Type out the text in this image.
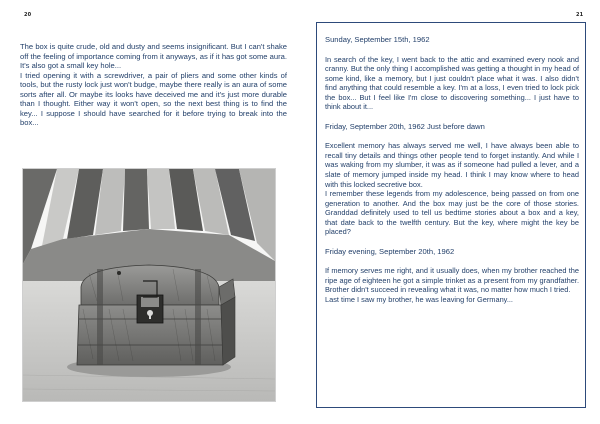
20	21

The box is quite crude, old and dusty and seems insignificant. But I can't shake off the feeling of importance coming from it anyways, as if it has got some aura. It's also got a small key hole...

I tried opening it with a screwdriver, a pair of pliers and some other kinds of tools, but the rusty lock just won't budge, maybe there really is an aura of some sorts after all. Or maybe its looks have deceived me and it's just more durable than I thought. Either way it won't open, so the next best thing is to find the key... I suppose I should have searched for it before trying to break into the box...

Sunday, September 15th, 1962

In search of the key, I went back to the attic and examined every nook and cranny. But the only thing I accomplished was getting a thought in my head of some kind, like a memory, but I just couldn't place what it was. I also didn't find anything that could resemble a key. I'm at a loss, I even tried to lock pick the box... But I feel like I'm close to discovering something... I just have to think about it...

Friday, September 20th, 1962 Just before dawn

Excellent memory has always served me well, I have always been able to recall tiny details and things other people tend to forget instantly. And while I was waking from my slumber, it was as if someone had pulled a lever, and a slate of memory jumped inside my head. I think I may know where to head with this locked secretive box.

I remember these legends from my adolescence, being passed on from one generation to another. And the box may just be the core of those stories. Granddad definitely used to tell us bedtime stories about a box and a key, that date back to the twelfth century. But the key, where might the key be placed?

Friday evening, September 20th, 1962

If memory serves me right, and it usually does, when my brother reached the ripe age of eighteen he got a simple trinket as a present from my grandfather. Brother didn't succeed in revealing what it was, no matter how much I tried.

Last time I saw my brother, he was leaving for Germany...
